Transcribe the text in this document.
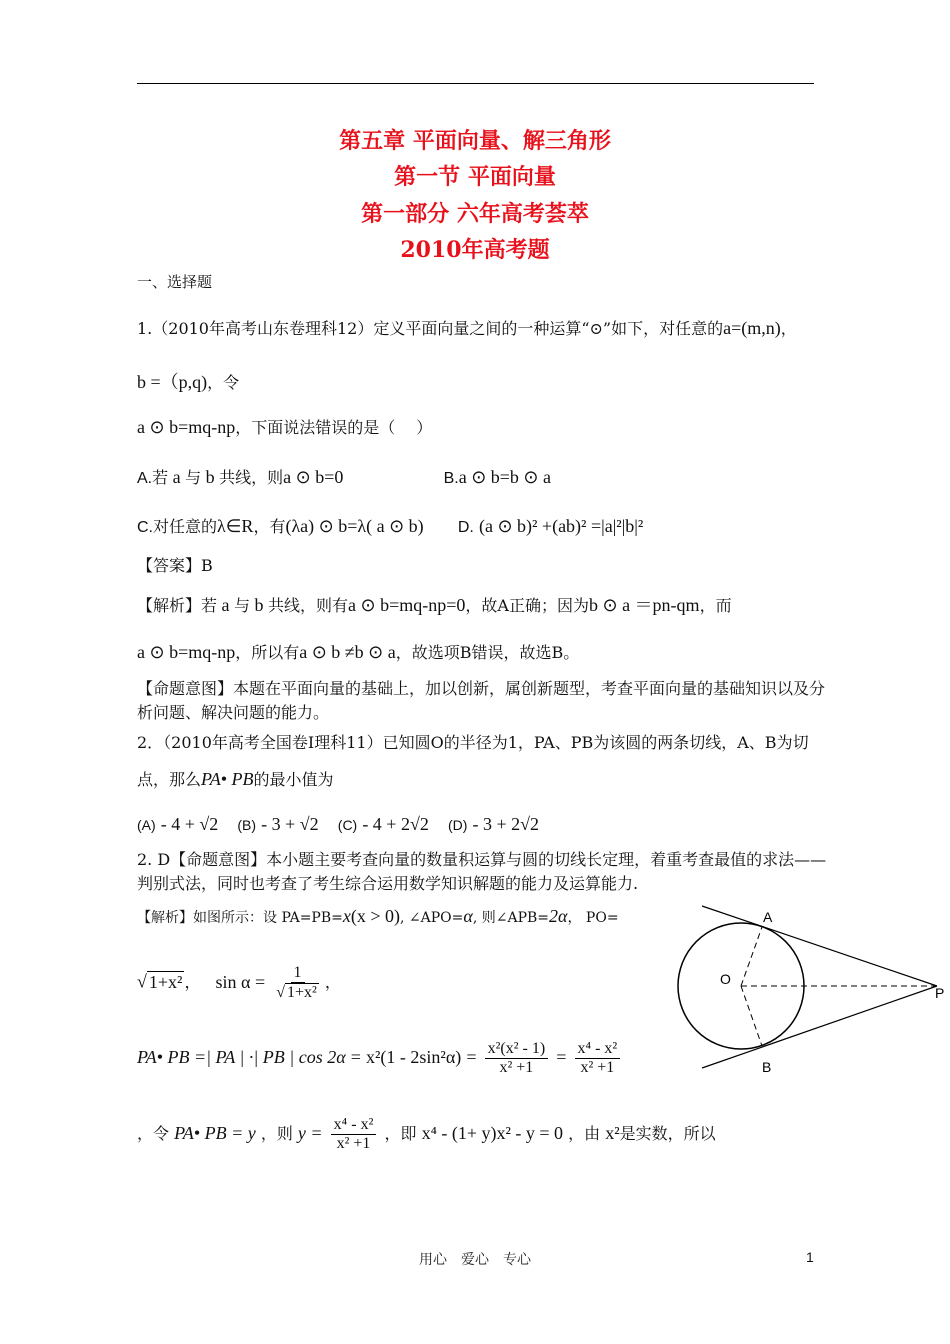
第五章 平面向量、解三角形
第一节 平面向量
第一部分 六年高考荟萃
2010年高考题
一、选择题
1.（2010年高考山东卷理科12）定义平面向量之间的一种运算“⊙”如下，对任意的a=(m,n)，
b =（p,q)，令
a ⊙ b=mq-np，下面说法错误的是（　 ）
A.若 a 与 b 共线，则a ⊙ b=0	B.a ⊙ b=b ⊙ a
C.对任意的λ∈R，有(λa) ⊙ b=λ( a ⊙ b) D. (a ⊙ b)² +(ab)² =|a|²|b|²
【答案】B
【解析】若 a 与 b 共线，则有a ⊙ b=mq-np=0，故A正确；因为b ⊙ a ＝pn-qm，而
a ⊙ b=mq-np，所以有a ⊙ b ≠b ⊙ a，故选项B错误，故选B。
【命题意图】本题在平面向量的基础上，加以创新，属创新题型，考查平面向量的基础知识以及分析问题、解决问题的能力。
2．（2010年高考全国卷Ⅰ理科11）已知圆O的半径为1，PA、PB为该圆的两条切线，A、B为切点，那么PA• PB的最小值为
(A) - 4 + √2 (B) - 3 + √2 (C) - 4 + 2√2 (D) - 3 + 2√2
2. D【命题意图】本小题主要考查向量的数量积运算与圆的切线长定理，着重考查最值的求法——判别式法，同时也考查了考生综合运用数学知识解题的能力及运算能力.
【解析】如图所示：设 PA=PB=x(x > 0), ∠APO=α, 则∠APB=2α， PO=
√ 1+x² ， $\sin \alpha = \frac{1}{\text{√ 1+x²}}$ ，
PA• PB =| PA | ·| PB | $\cos 2\alpha = x^2(1 - 2\sin^2\alpha) = \frac{\text{x²(x² - 1)}}{\text{x² +1}} = \frac{\text{x⁴ - x²}}{\text{x² +1}}$
，令 PA• PB = y ，则 $y = \frac{\text{x⁴ - x²}}{\text{x² +1}}$ ，即 x⁴ - (1+ y)x² - y = 0 ，由 x²是实数，所以
A
O
P
B
用心　爱心　专心	1
